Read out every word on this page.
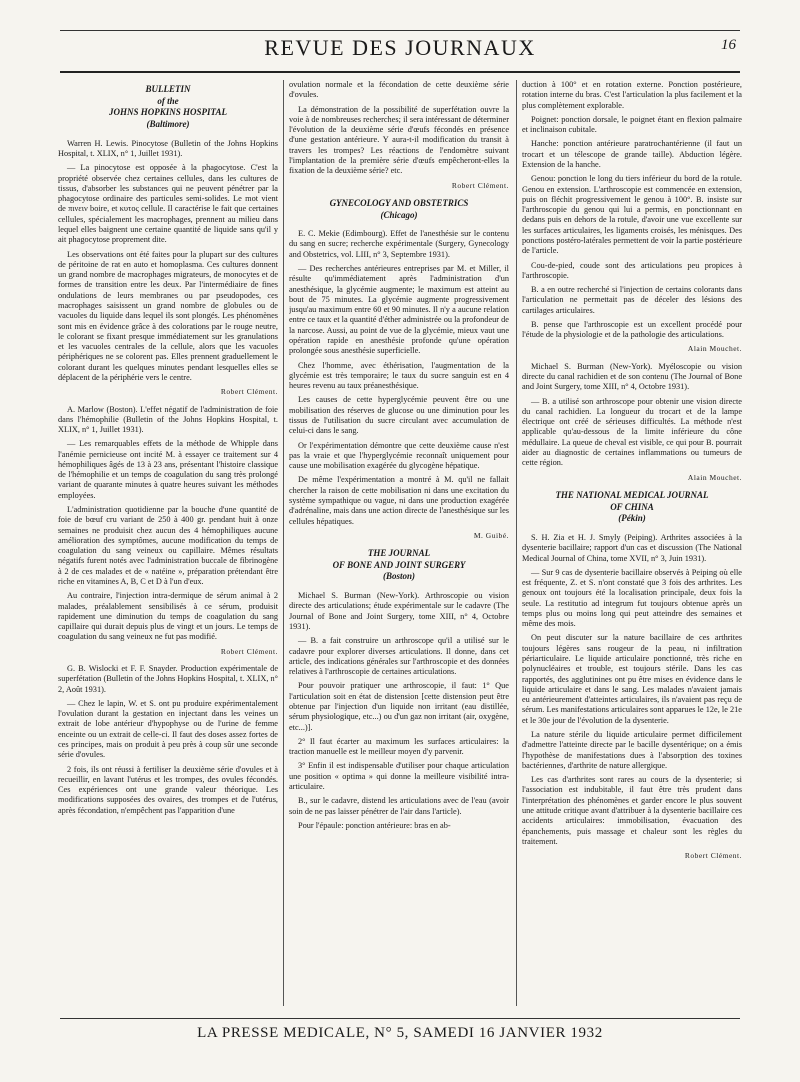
REVUE DES JOURNAUX	16
BULLETIN
of the
JOHNS HOPKINS HOSPITAL
(Baltimore)

Warren H. Lewis. Pinocytose (Bulletin of the Johns Hopkins Hospital, t. XLIX, n° 1, Juillet 1931).

— La pinocytose est opposée à la phagocytose. C'est la propriété observée chez certaines cellules, dans les cultures de tissus, d'absorber les substances qui ne peuvent pénétrer par la phagocytose ordinaire des particules semi-solides. Le mot vient de πινειν boire, et κυτος cellule. Il caractérise le fait que certaines cellules, spécialement les macrophages, prennent au milieu dans lequel elles baignent une certaine quantité de liquide sans qu'il y ait phagocytose proprement dite.

Les observations ont été faites pour la plupart sur des cultures de péritoine de rat en auto et homoplasma. Ces cultures donnent un grand nombre de macrophages migrateurs, de monocytes et de formes de transition entre les deux. Par l'intermédiaire de fines ondulations de leurs membranes ou par pseudopodes, ces macrophages saisissent un grand nombre de globules ou de vacuoles du liquide dans lequel ils sont plongés. Les phénomènes sont mis en évidence grâce à des colorations par le rouge neutre, le colorant se fixant presque immédiatement sur les granulations et les vacuoles centrales de la cellule, alors que les vacuoles périphériques ne se colorent pas. Elles prennent graduellement le colorant durant les quelques minutes pendant lesquelles elles se déplacent de la périphérie vers le centre.

Robert Clément.

A. Marlow (Boston). L'effet négatif de l'administration de foie dans l'hémophilie (Bulletin of the Johns Hopkins Hospital, t. XLIX, n° 1, Juillet 1931).

— Les remarquables effets de la méthode de Whipple dans l'anémie pernicieuse ont incité M. à essayer ce traitement sur 4 hémophiliques âgés de 13 à 23 ans, présentant l'histoire classique de l'hémophilie et un temps de coagulation du sang très prolongé variant de quarante minutes à quatre heures suivant les méthodes employées.

L'administration quotidienne par la bouche d'une quantité de foie de bœuf cru variant de 250 à 400 gr. pendant huit à onze semaines ne produisit chez aucun des 4 hémophiliques aucune amélioration des symptômes, aucune modification du temps de coagulation du sang veineux ou capillaire. Mêmes résultats négatifs furent notés avec l'administration buccale de fibrinogène à 2 de ces malades et de « natéine », préparation prétendant être riche en vitamines A, B, C et D à l'un d'eux.

Au contraire, l'injection intra-dermique de sérum animal à 2 malades, préalablement sensibilisés à ce sérum, produisit rapidement une diminution du temps de coagulation du sang capillaire qui durait depuis plus de vingt et un jours. Le temps de coagulation du sang veineux ne fut pas modifié.

Robert Clément.

G. B. Wislocki et F. F. Snayder. Production expérimentale de superfétation (Bulletin of the Johns Hopkins Hospital, t. XLIX, n° 2, Août 1931).

— Chez le lapin, W. et S. ont pu produire expérimentalement l'ovulation durant la gestation en injectant dans les veines un extrait de lobe antérieur d'hypophyse ou de l'urine de femme enceinte ou un extrait de celle-ci. Il faut des doses assez fortes de ces principes, mais on produit à peu près à coup sûr une seconde série d'ovules.

2 fois, ils ont réussi à fertiliser la deuxième série d'ovules et à recueillir, en lavant l'utérus et les trompes, des ovules fécondés. Ces expériences ont une grande valeur théorique. Les modifications supposées des ovaires, des trompes et de l'utérus, après fécondation, n'empêchent pas l'apparition d'une

ovulation normale et la fécondation de cette deuxième série d'ovules.

La démonstration de la possibilité de superfétation ouvre la voie à de nombreuses recherches; il sera intéressant de déterminer l'évolution de la deuxième série d'œufs fécondés en présence d'une gestation antérieure. Y aura-t-il modification du transit à travers les trompes? Les réactions de l'endomètre suivant l'implantation de la première série d'œufs empêcheront-elles la fixation de la deuxième série? etc.

Robert Clément.
GYNECOLOGY AND OBSTETRICS
(Chicago)

E. C. Mekie (Edimbourg). Effet de l'anesthésie sur le contenu du sang en sucre; recherche expérimentale (Surgery, Gynecology and Obstetrics, vol. LIII, n° 3, Septembre 1931).

— Des recherches antérieures entreprises par M. et Miller, il résulte qu'immédiatement après l'administration d'un anesthésique, la glycémie augmente; le maximum est atteint au bout de 75 minutes. La glycémie augmente progressivement jusqu'au maximum entre 60 et 90 minutes. Il n'y a aucune relation entre ce taux et la quantité d'éther administrée ou la profondeur de la narcose. Aussi, au point de vue de la glycémie, mieux vaut une opération rapide en anesthésie profonde qu'une opération prolongée sous anesthésie superficielle.

Chez l'homme, avec éthérisation, l'augmentation de la glycémie est très temporaire; le taux du sucre sanguin est en 4 heures revenu au taux préanesthésique.

Les causes de cette hyperglycémie peuvent être ou une mobilisation des réserves de glucose ou une diminution pour les tissus de l'utilisation du sucre circulant avec accumulation de celui-ci dans le sang.

Or l'expérimentation démontre que cette deuxième cause n'est pas la vraie et que l'hyperglycémie reconnaît uniquement pour cause une mobilisation exagérée du glycogène hépatique.

De même l'expérimentation a montré à M. qu'il ne fallait chercher la raison de cette mobilisation ni dans une excitation du système sympathique ou vague, ni dans une production exagérée d'adrénaline, mais dans une action directe de l'anesthésique sur les cellules hépatiques.

M. Guibé.
THE JOURNAL
OF BONE AND JOINT SURGERY
(Boston)

Michael S. Burman (New-York). Arthroscopie ou vision directe des articulations; étude expérimentale sur le cadavre (The Journal of Bone and Joint Surgery, tome XIII, n° 4, Octobre 1931).

— B. a fait construire un arthroscope qu'il a utilisé sur le cadavre pour explorer diverses articulations. Il donne, dans cet article, des indications générales sur l'arthroscopie et des données relatives à l'arthroscopie de certaines articulations.

Pour pouvoir pratiquer une arthroscopie, il faut: 1° Que l'articulation soit en état de distension [cette distension peut être obtenue par l'injection d'un liquide non irritant (eau distillée, sérum physiologique, etc...) ou d'un gaz non irritant (air, oxygène, etc...)].

2° Il faut écarter au maximum les surfaces articulaires: la traction manuelle est le meilleur moyen d'y parvenir.

3° Enfin il est indispensable d'utiliser pour chaque articulation une position « optima » qui donne la meilleure visibilité intra-articulaire.

B., sur le cadavre, distend les articulations avec de l'eau (avoir soin de ne pas laisser pénétrer de l'air dans l'article).

Pour l'épaule: ponction antérieure: bras en ab-

duction à 100° et en rotation externe. Ponction postérieure, rotation interne du bras. C'est l'articulation la plus facilement et la plus complètement explorable.

Poignet: ponction dorsale, le poignet étant en flexion palmaire et inclinaison cubitale.

Hanche: ponction antérieure paratrochantérienne (il faut un trocart et un télescope de grande taille). Abduction légère. Extension de la hanche.

Genou: ponction le long du tiers inférieur du bord de la rotule. Genou en extension. L'arthroscopie est commencée en extension, puis on fléchit progressivement le genou à 100°. B. insiste sur l'arthroscopie du genou qui lui a permis, en ponctionnant en dedans puis en dehors de la rotule, d'avoir une vue excellente sur les surfaces articulaires, les ligaments croisés, les ménisques. Des ponctions postéro-latérales permettent de voir la partie postérieure de l'article.

Cou-de-pied, coude sont des articulations peu propices à l'arthroscopie.

B. a en outre recherché si l'injection de certains colorants dans l'articulation ne permettait pas de déceler des lésions des cartilages articulaires.

B. pense que l'arthroscopie est un excellent procédé pour l'étude de la physiologie et de la pathologie des articulations.

Alain Mouchet.

Michael S. Burman (New-York). Myéloscopie ou vision directe du canal rachidien et de son contenu (The Journal of Bone and Joint Surgery, tome XIII, n° 4, Octobre 1931).

— B. a utilisé son arthroscope pour obtenir une vision directe du canal rachidien. La longueur du trocart et de la lampe électrique ont créé de sérieuses difficultés. La méthode n'est applicable qu'au-dessous de la limite inférieure du cône médullaire. La queue de cheval est visible, ce qui pour B. pourrait aider au diagnostic de certaines inflammations ou tumeurs de cette région.

Alain Mouchet.
THE NATIONAL MEDICAL JOURNAL
OF CHINA
(Pékin)

S. H. Zia et H. J. Smyly (Peiping). Arthrites associées à la dysenterie bacillaire; rapport d'un cas et discussion (The National Medical Journal of China, tome XVII, n° 3, Juin 1931).

— Sur 9 cas de dysenterie bacillaire observés à Peiping où elle est fréquente, Z. et S. n'ont constaté que 3 fois des arthrites. Les genoux ont toujours été la localisation principale, deux fois la seule. La restitutio ad integrum fut toujours obtenue après un temps plus ou moins long qui peut atteindre des semaines et même des mois.

On peut discuter sur la nature bacillaire de ces arthrites toujours légères sans rougeur de la peau, ni infiltration périarticulaire. Le liquide articulaire ponctionné, très riche en polynucléaires et trouble, est toujours stérile. Dans les cas rapportés, des agglutinines ont pu être mises en évidence dans le liquide articulaire et dans le sang. Les malades n'avaient jamais eu antérieurement d'atteintes articulaires, ils n'avaient pas reçu de sérum. Les manifestations articulaires sont apparues le 12e, le 21e et le 30e jour de l'évolution de la dysenterie.

La nature stérile du liquide articulaire permet difficilement d'admettre l'atteinte directe par le bacille dysentérique; on a émis l'hypothèse de manifestations dues à l'absorption des toxines bactériennes, d'arthrite de nature allergique.

Les cas d'arthrites sont rares au cours de la dysenterie; si l'association est indubitable, il faut être très prudent dans l'interprétation des phénomènes et garder encore le plus souvent une attitude critique avant d'attribuer à la dysenterie bacillaire ces accidents articulaires: immobilisation, évacuation des épanchements, puis massage et chaleur sont les règles du traitement.

Robert Clément.
LA PRESSE MEDICALE, N° 5, SAMEDI 16 JANVIER 1932
